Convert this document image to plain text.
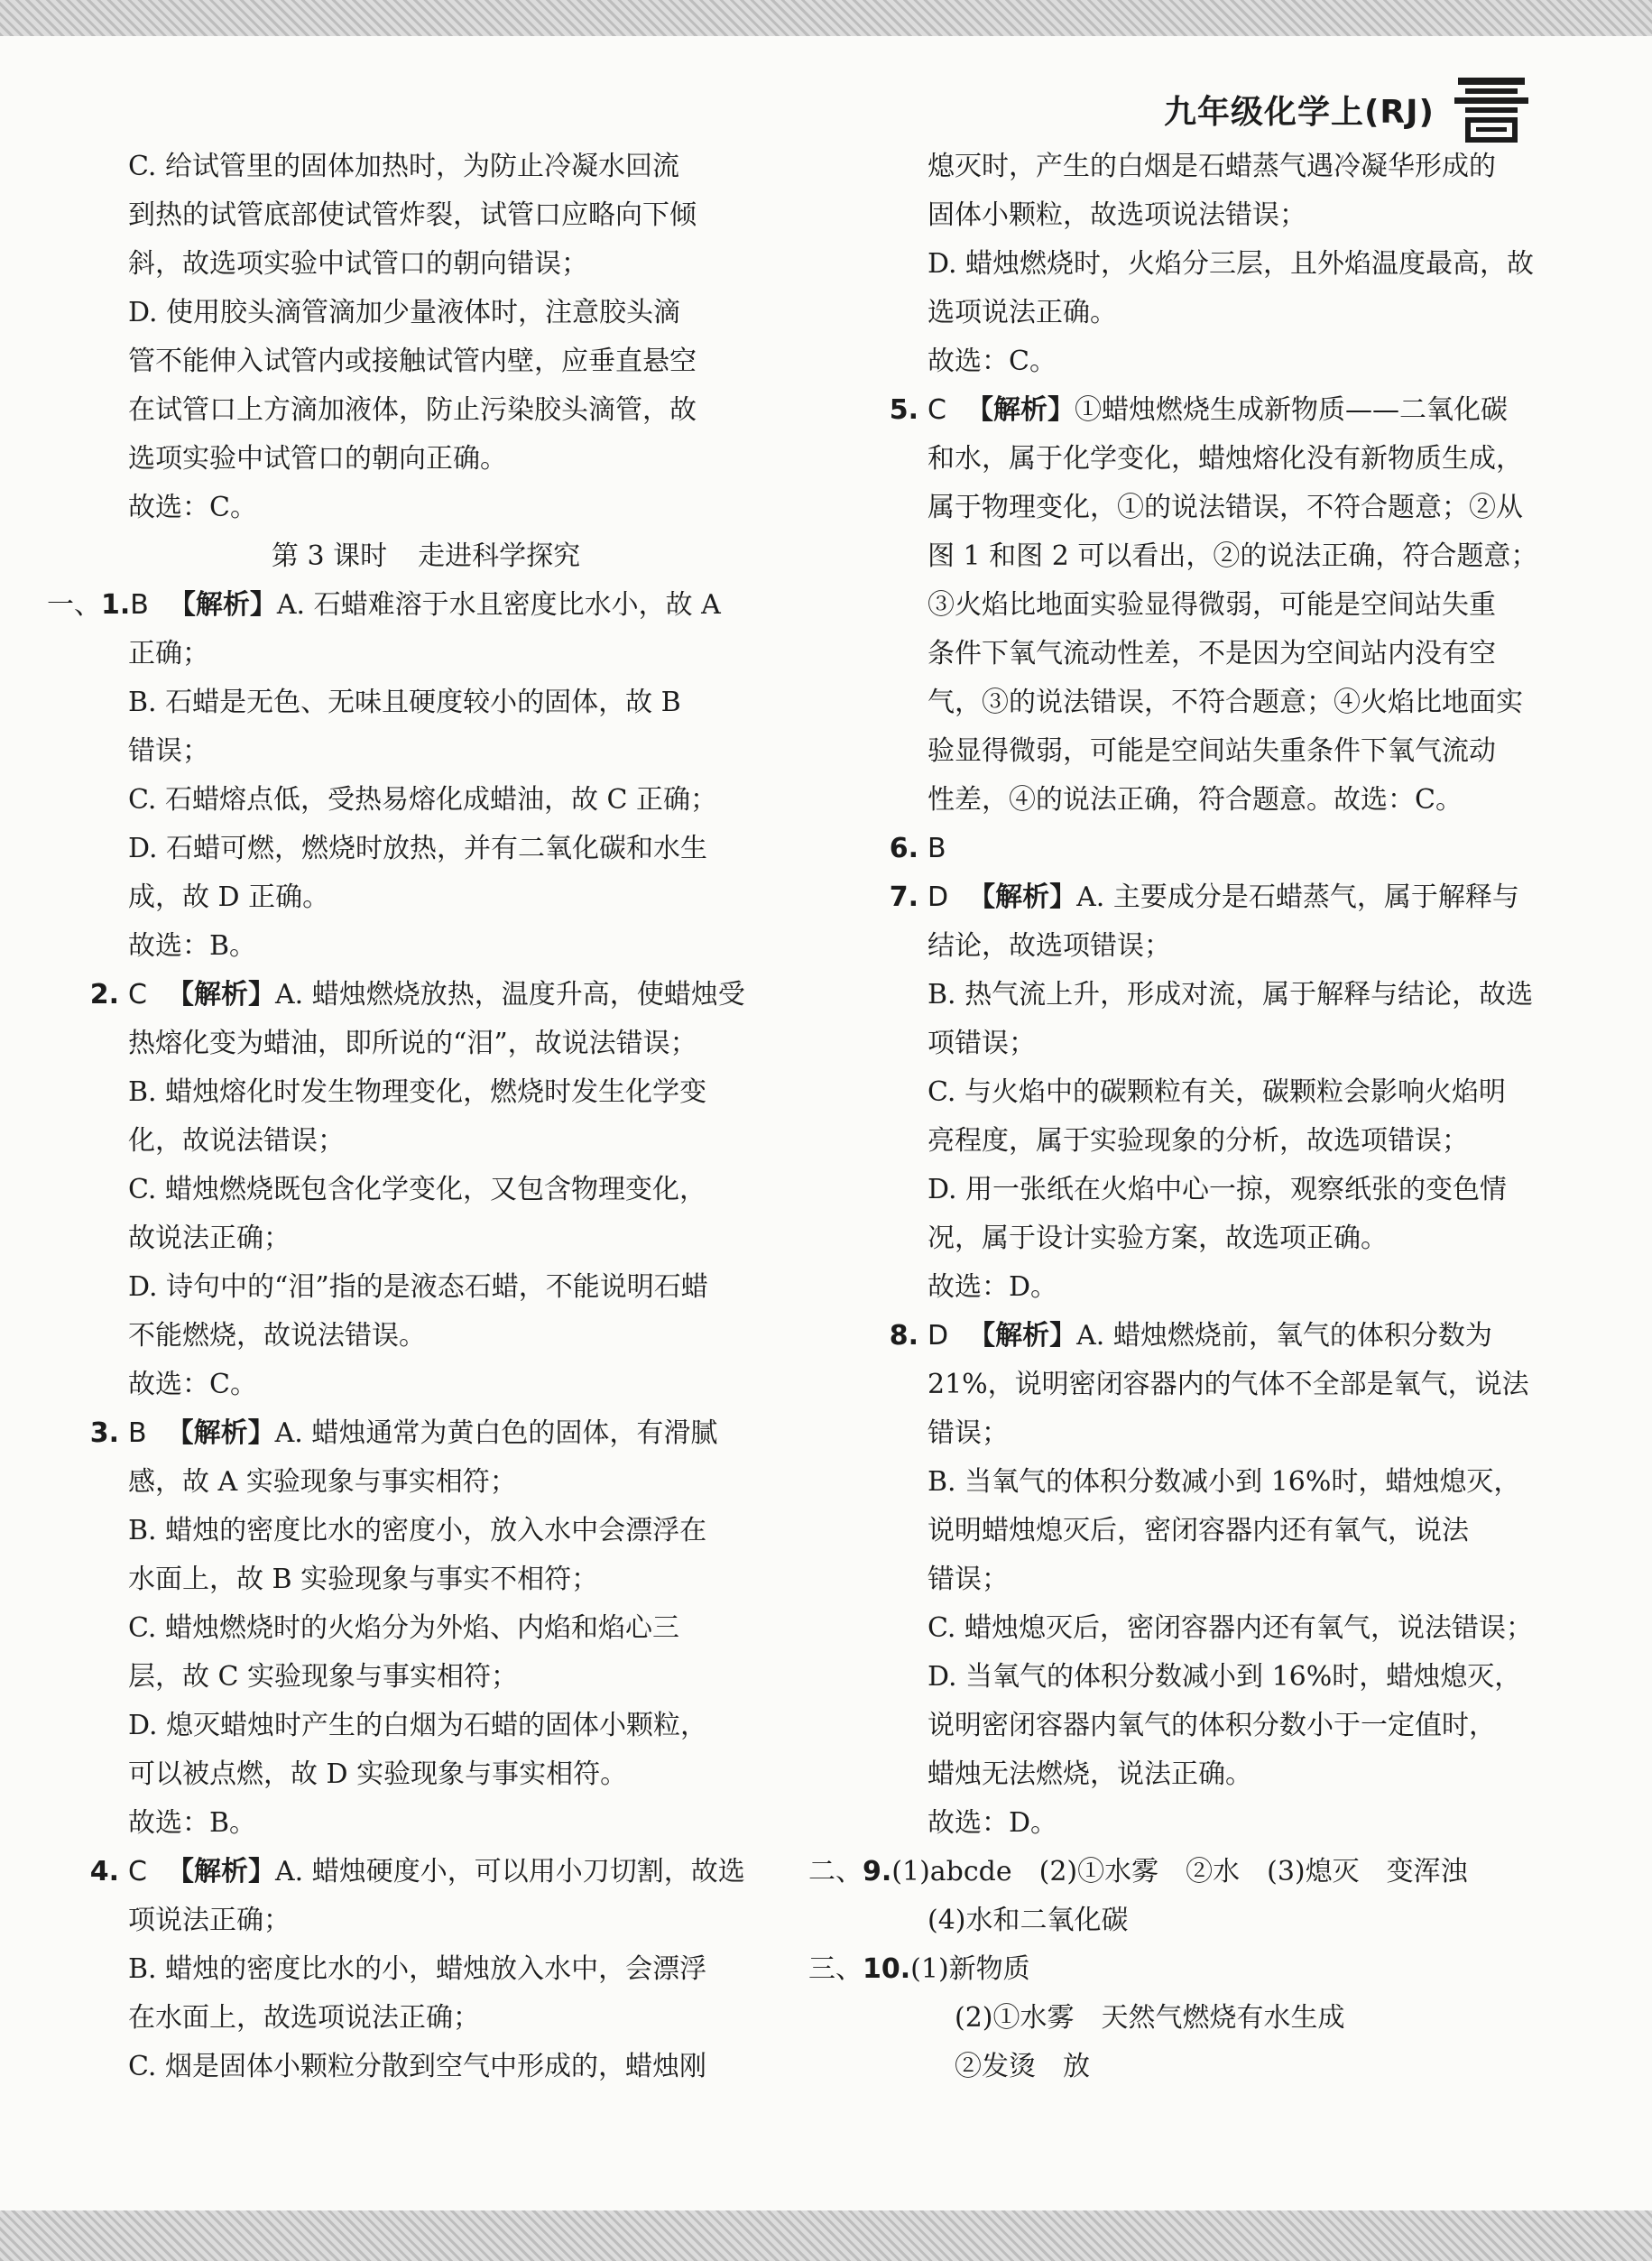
九年级化学上(RJ)
C. 给试管里的固体加热时，为防止冷凝水回流
到热的试管底部使试管炸裂，试管口应略向下倾
斜，故选项实验中试管口的朝向错误；
D. 使用胶头滴管滴加少量液体时，注意胶头滴
管不能伸入试管内或接触试管内壁，应垂直悬空
在试管口上方滴加液体，防止污染胶头滴管，故
选项实验中试管口的朝向正确。
故选：C。
第 3 课时 走进科学探究
一、1.B 【解析】A. 石蜡难溶于水且密度比水小，故 A
正确；
B. 石蜡是无色、无味且硬度较小的固体，故 B
错误；
C. 石蜡熔点低，受热易熔化成蜡油，故 C 正确；
D. 石蜡可燃，燃烧时放热，并有二氧化碳和水生
成，故 D 正确。
故选：B。
2. C 【解析】A. 蜡烛燃烧放热，温度升高，使蜡烛受
热熔化变为蜡油，即所说的“泪”，故说法错误；
B. 蜡烛熔化时发生物理变化，燃烧时发生化学变
化，故说法错误；
C. 蜡烛燃烧既包含化学变化，又包含物理变化，
故说法正确；
D. 诗句中的“泪”指的是液态石蜡，不能说明石蜡
不能燃烧，故说法错误。
故选：C。
3. B 【解析】A. 蜡烛通常为黄白色的固体，有滑腻
感，故 A 实验现象与事实相符；
B. 蜡烛的密度比水的密度小，放入水中会漂浮在
水面上，故 B 实验现象与事实不相符；
C. 蜡烛燃烧时的火焰分为外焰、内焰和焰心三
层，故 C 实验现象与事实相符；
D. 熄灭蜡烛时产生的白烟为石蜡的固体小颗粒，
可以被点燃，故 D 实验现象与事实相符。
故选：B。
4. C 【解析】A. 蜡烛硬度小，可以用小刀切割，故选
项说法正确；
B. 蜡烛的密度比水的小，蜡烛放入水中，会漂浮
在水面上，故选项说法正确；
C. 烟是固体小颗粒分散到空气中形成的，蜡烛刚
熄灭时，产生的白烟是石蜡蒸气遇冷凝华形成的
固体小颗粒，故选项说法错误；
D. 蜡烛燃烧时，火焰分三层，且外焰温度最高，故
选项说法正确。
故选：C。
5. C 【解析】①蜡烛燃烧生成新物质——二氧化碳
和水，属于化学变化，蜡烛熔化没有新物质生成，
属于物理变化，①的说法错误，不符合题意；②从
图 1 和图 2 可以看出，②的说法正确，符合题意；
③火焰比地面实验显得微弱，可能是空间站失重
条件下氧气流动性差，不是因为空间站内没有空
气，③的说法错误，不符合题意；④火焰比地面实
验显得微弱，可能是空间站失重条件下氧气流动
性差，④的说法正确，符合题意。故选：C。
6. B
7. D 【解析】A. 主要成分是石蜡蒸气，属于解释与
结论，故选项错误；
B. 热气流上升，形成对流，属于解释与结论，故选
项错误；
C. 与火焰中的碳颗粒有关，碳颗粒会影响火焰明
亮程度，属于实验现象的分析，故选项错误；
D. 用一张纸在火焰中心一掠，观察纸张的变色情
况，属于设计实验方案，故选项正确。
故选：D。
8. D 【解析】A. 蜡烛燃烧前，氧气的体积分数为
21%，说明密闭容器内的气体不全部是氧气，说法
错误；
B. 当氧气的体积分数减小到 16%时，蜡烛熄灭，
说明蜡烛熄灭后，密闭容器内还有氧气，说法
错误；
C. 蜡烛熄灭后，密闭容器内还有氧气，说法错误；
D. 当氧气的体积分数减小到 16%时，蜡烛熄灭，
说明密闭容器内氧气的体积分数小于一定值时，
蜡烛无法燃烧，说法正确。
故选：D。
二、9.(1)abcde　(2)①水雾　②水　(3)熄灭　变浑浊
(4)水和二氧化碳
三、10.(1)新物质
(2)①水雾　天然气燃烧有水生成
②发烫　放
